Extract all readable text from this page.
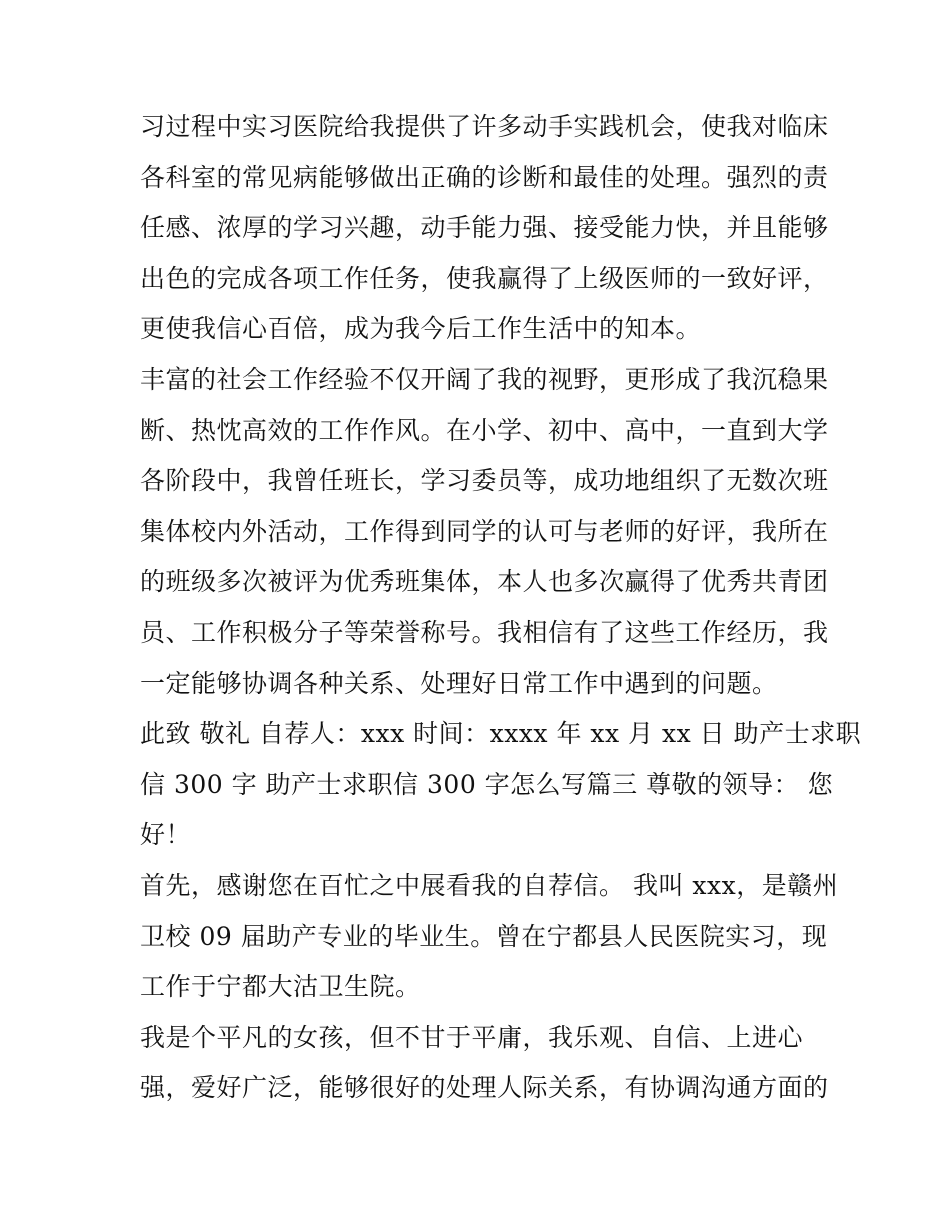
习过程中实习医院给我提供了许多动手实践机会，使我对临床
各科室的常见病能够做出正确的诊断和最佳的处理。强烈的责
任感、浓厚的学习兴趣，动手能力强、接受能力快，并且能够
出色的完成各项工作任务，使我赢得了上级医师的一致好评，
更使我信心百倍，成为我今后工作生活中的知本。
丰富的社会工作经验不仅开阔了我的视野，更形成了我沉稳果
断、热忱高效的工作作风。在小学、初中、高中，一直到大学
各阶段中，我曾任班长，学习委员等，成功地组织了无数次班
集体校内外活动，工作得到同学的认可与老师的好评，我所在
的班级多次被评为优秀班集体，本人也多次赢得了优秀共青团
员、工作积极分子等荣誉称号。我相信有了这些工作经历，我
一定能够协调各种关系、处理好日常工作中遇到的问题。
此致 敬礼 自荐人：xxx 时间：xxxx 年 xx 月 xx 日 助产士求职
信 300 字 助产士求职信 300 字怎么写篇三 尊敬的领导： 您
好！
首先，感谢您在百忙之中展看我的自荐信。 我叫 xxx，是赣州
卫校 09 届助产专业的毕业生。曾在宁都县人民医院实习，现
工作于宁都大沽卫生院。
我是个平凡的女孩，但不甘于平庸，我乐观、自信、上进心
强，爱好广泛，能够很好的处理人际关系，有协调沟通方面的
